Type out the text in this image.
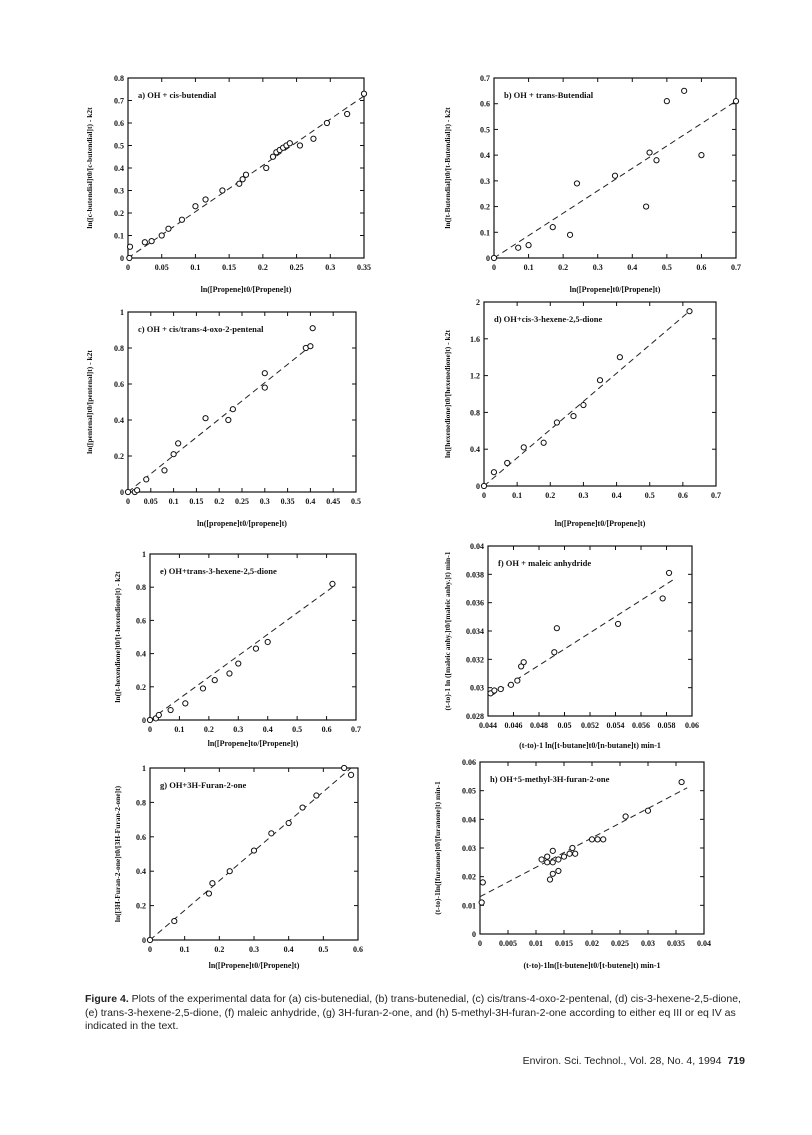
0	0.05	0.1	0.15	0.2	0.25	0.3	0.35
0
0.1
0.2
0.3
0.4
0.5
0.6
0.7
0.8
a) OH + cis-butendial
ln([Propene]t0/[Propene]t)
ln([c-butendial]t0/[c-butendial]t) - k2t
0	0.1	0.2	0.3	0.4	0.5	0.6	0.7
0
0.1
0.2
0.3
0.4
0.5
0.6
0.7
b) OH + trans-Butendial
ln([Propene]t0/[Propene]t)
ln([t-Butendial]t0/[t-Butendial]t) - k2t
0 0.05 0.1 0.15 0.2 0.25 0.3 0.35 0.4 0.45 0.5
0
0.2
0.4
0.6
0.8
1
c) OH + cis/trans-4-oxo-2-pentenal
ln([propene]t0/[propene]t)
ln([pentenal]t0/[pentenal]t) - k2t
0	0.1	0.2	0.3	0.4	0.5	0.6	0.7
0
0.4
0.8
1.2
1.6
2
d) OH+cis-3-hexene-2,5-dione
ln([Propene]t0/[Propene]t)
ln([hexenedione]t0/[hexenedione]t) - k2t
0	0.1 0.2 0.3 0.4 0.5 0.6 0.7
0
0.2
0.4
0.6
0.8
1
e) OH+trans-3-hexene-2,5-dione
ln([Propene]to/[Propene]t)
ln([t-hexendione]t0/[t-hexendione]t) - k2t
0.044 0.046 0.048 0.05 0.052 0.054 0.056 0.058 0.06
0.028
0.03
0.032
0.034
0.036
0.038
0.04
f) OH + maleic anhydride
(t-to)-1 ln([t-butane]t0/[n-butane]t) min-1
(t-to)-1 ln ([maleic anhy.]t0/[maleic anhy.]t) min-1
0	0.1	0.2	0.3	0.4	0.5	0.6
0
0.2
0.4
0.6
0.8
1
g) OH+3H-Furan-2-one
ln([Propene]t0/[Propene]t)
ln([3H-Furan-2-one]t0/[3H-Furan-2-one]t)
0 0.005 0.01 0.015 0.02 0.025 0.03 0.035 0.04
0
0.01
0.02
0.03
0.04
0.05
0.06
h) OH+5-methyl-3H-furan-2-one
(t-to)-1ln([t-butene]t0/[t-butene]t) min-1
(t-to)-1ln([furanone]t0/[furanone]t) min-1
Figure 4. Plots of the experimental data for (a) cis-butenedial, (b) trans-butenedial, (c) cis/trans-4-oxo-2-pentenal, (d) cis-3-hexene-2,5-dione, (e) trans-3-hexene-2,5-dione, (f) maleic anhydride, (g) 3H-furan-2-one, and (h) 5-methyl-3H-furan-2-one according to either eq III or eq IV as indicated in the text.
Environ. Sci. Technol., Vol. 28, No. 4, 1994 719
